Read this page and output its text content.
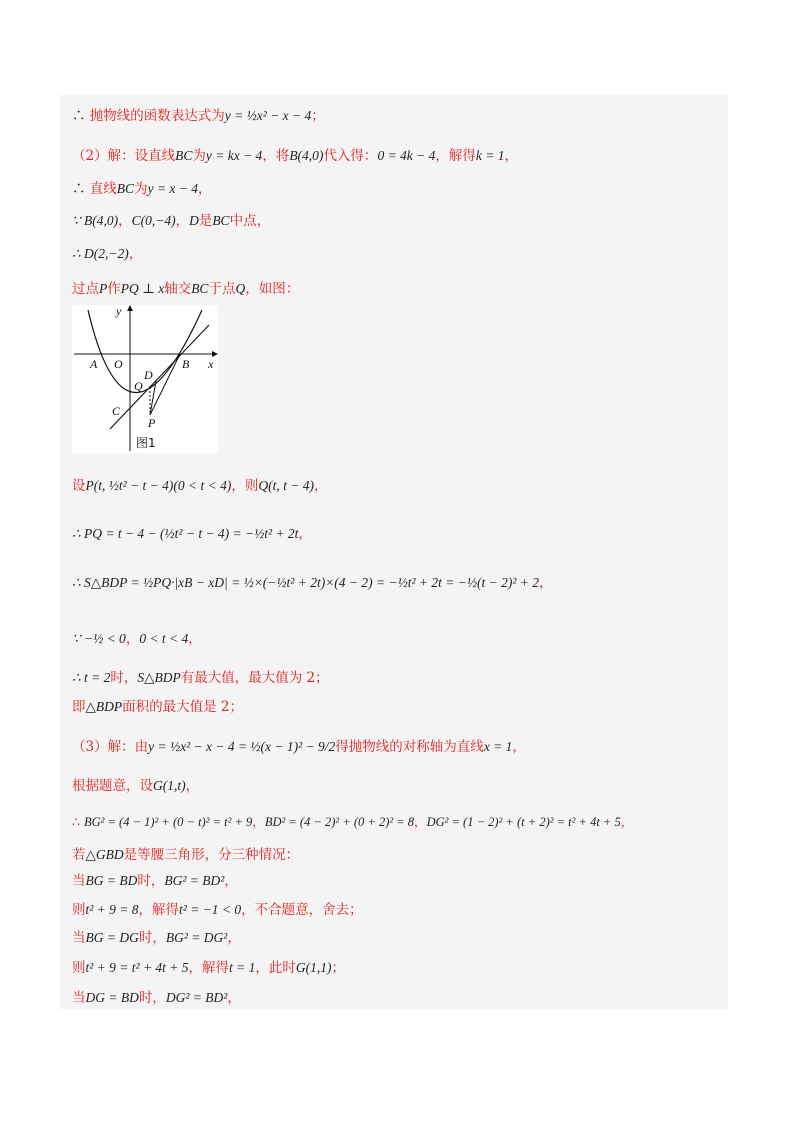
∴ 抛物线的函数表达式为y = ½x² − x − 4；
（2）解：设直线BC为y = kx − 4，将B(4,0)代入得：0 = 4k − 4，解得k = 1，
∴ 直线BC为y = x − 4，
∵ B(4,0)，C(0,−4)，D是BC中点，
∴ D(2,−2)，
过点P作PQ ⊥ x轴交BC于点Q，如图：
y
x
A O	B
C
D
Q
P
图1
设P(t, ½t² − t − 4)(0 < t < 4)，则Q(t, t − 4)，
∴ PQ = t − 4 − (½t² − t − 4) = −½t² + 2t，
∴ S△BDP = ½PQ·|xB − xD| = ½×(−½t² + 2t)×(4 − 2) = −½t² + 2t = −½(t − 2)² + 2，
∵ −½ < 0，0 < t < 4，
∴ t = 2时，S△BDP有最大值，最大值为 2；
即△BDP面积的最大值是 2；
（3）解：由y = ½x² − x − 4 = ½(x − 1)² − 9/2得抛物线的对称轴为直线x = 1，
根据题意，设G(1,t)，
∴ BG² = (4 − 1)² + (0 − t)² = t² + 9，BD² = (4 − 2)² + (0 + 2)² = 8，DG² = (1 − 2)² + (t + 2)² = t² + 4t + 5，
若△GBD是等腰三角形，分三种情况：
当BG = BD时，BG² = BD²，
则t² + 9 = 8，解得t² = −1 < 0，不合题意，舍去；
当BG = DG时，BG² = DG²，
则t² + 9 = t² + 4t + 5，解得t = 1，此时G(1,1)；
当DG = BD时，DG² = BD²，
